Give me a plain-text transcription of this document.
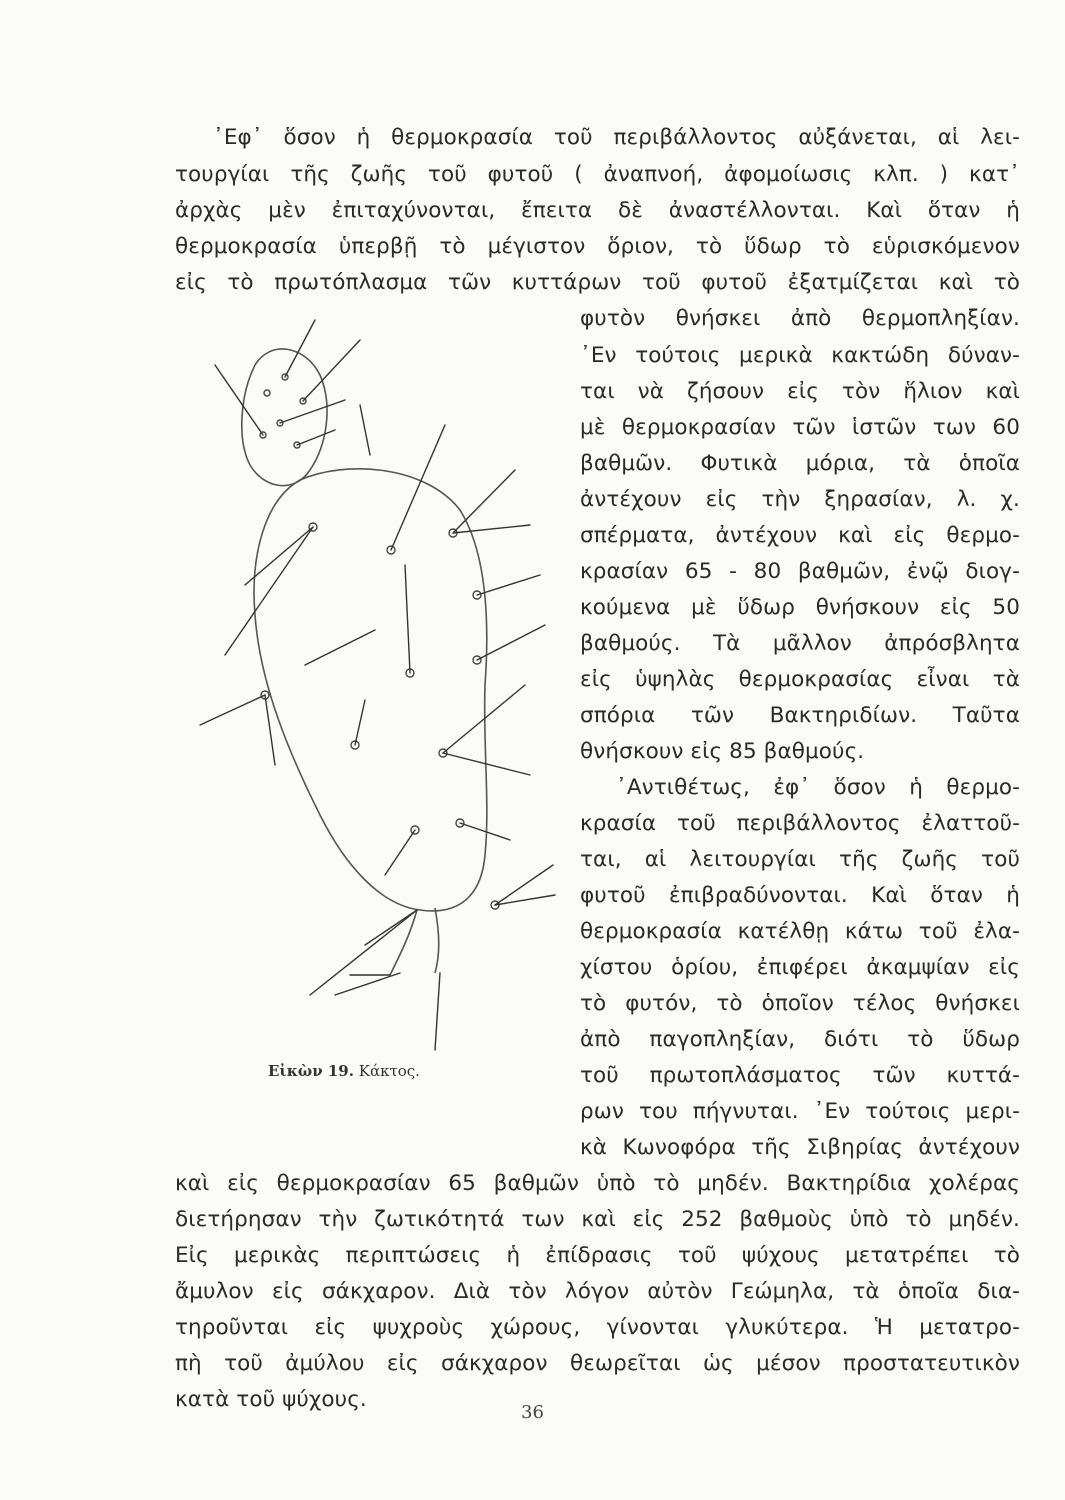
᾿Εφ᾿ ὅσον ἡ θερμοκρασία τοῦ περιβάλλοντος αὐξάνεται, αἱ λει-
τουργίαι τῆς ζωῆς τοῦ φυτοῦ ( ἀναπνοή, ἀφομοίωσις κλπ. ) κατ᾿
ἀρχὰς μὲν ἐπιταχύνονται, ἔπειτα δὲ ἀναστέλλονται. Καὶ ὅταν ἡ
θερμοκρασία ὑπερβῇ τὸ μέγιστον ὅριον, τὸ ὕδωρ τὸ εὑρισκόμενον
εἰς τὸ πρωτόπλασμα τῶν κυττάρων τοῦ φυτοῦ ἐξατμίζεται καὶ τὸ
φυτὸν θνήσκει ἀπὸ θερμοπληξίαν.
᾿Εν τούτοις μερικὰ κακτώδη δύναν-
ται νὰ ζήσουν εἰς τὸν ἥλιον καὶ
μὲ θερμοκρασίαν τῶν ἱστῶν των 60
βαθμῶν. Φυτικὰ μόρια, τὰ ὁποῖα
ἀντέχουν εἰς τὴν ξηρασίαν, λ. χ.
σπέρματα, ἀντέχουν καὶ εἰς θερμο-
κρασίαν 65 - 80 βαθμῶν, ἐνῷ διογ-
κούμενα μὲ ὕδωρ θνήσκουν εἰς 50
βαθμούς. Τὰ μᾶλλον ἀπρόσβλητα
εἰς ὑψηλὰς θερμοκρασίας εἶναι τὰ
σπόρια τῶν Βακτηριδίων. Ταῦτα
θνήσκουν εἰς 85 βαθμούς.
᾿Αντιθέτως, ἐφ᾿ ὅσον ἡ θερμο-
κρασία τοῦ περιβάλλοντος ἐλαττοῦ-
ται, αἱ λειτουργίαι τῆς ζωῆς τοῦ
φυτοῦ ἐπιβραδύνονται. Καὶ ὅταν ἡ
θερμοκρασία κατέλθῃ κάτω τοῦ ἐλα-
χίστου ὁρίου, ἐπιφέρει ἀκαμψίαν εἰς
τὸ φυτόν, τὸ ὁποῖον τέλος θνήσκει
ἀπὸ παγοπληξίαν, διότι τὸ ὕδωρ
τοῦ πρωτοπλάσματος τῶν κυττά-
ρων του πήγνυται. ᾿Εν τούτοις μερι-
κὰ Κωνοφόρα τῆς Σιβηρίας ἀντέχουν
καὶ εἰς θερμοκρασίαν 65 βαθμῶν ὑπὸ τὸ μηδέν. Βακτηρίδια χολέρας
διετήρησαν τὴν ζωτικότητά των καὶ εἰς 252 βαθμοὺς ὑπὸ τὸ μηδέν.
Εἰς μερικὰς περιπτώσεις ἡ ἐπίδρασις τοῦ ψύχους μετατρέπει τὸ
ἄμυλον εἰς σάκχαρον. Διὰ τὸν λόγον αὐτὸν Γεώμηλα, τὰ ὁποῖα δια-
τηροῦνται εἰς ψυχροὺς χώρους, γίνονται γλυκύτερα. Ἡ μετατρο-
πὴ τοῦ ἀμύλου εἰς σάκχαρον θεωρεῖται ὡς μέσον προστατευτικὸν
κατὰ τοῦ ψύχους.
Εἰκὼν 19. Κάκτος.
36
